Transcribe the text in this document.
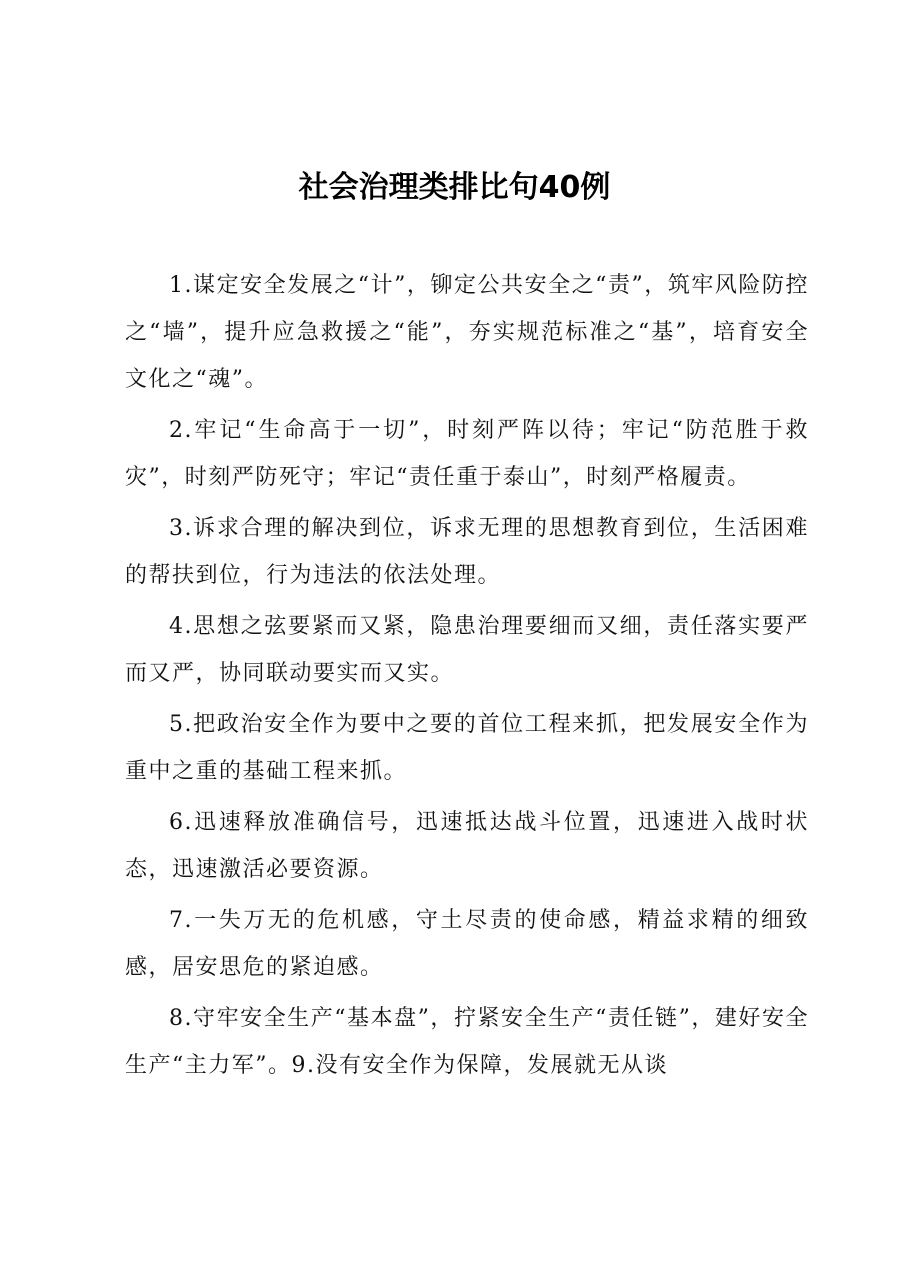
社会治理类排比句40例

1.谋定安全发展之“计”，铆定公共安全之“责”，筑牢风险防控之“墙”，提升应急救援之“能”，夯实规范标准之“基”，培育安全文化之“魂”。

2.牢记“生命高于一切”，时刻严阵以待；牢记“防范胜于救灾”，时刻严防死守；牢记“责任重于泰山”，时刻严格履责。

3.诉求合理的解决到位，诉求无理的思想教育到位，生活困难的帮扶到位，行为违法的依法处理。

4.思想之弦要紧而又紧，隐患治理要细而又细，责任落实要严而又严，协同联动要实而又实。

5.把政治安全作为要中之要的首位工程来抓，把发展安全作为重中之重的基础工程来抓。

6.迅速释放准确信号，迅速抵达战斗位置，迅速进入战时状态，迅速激活必要资源。

7.一失万无的危机感，守土尽责的使命感，精益求精的细致感，居安思危的紧迫感。

8.守牢安全生产“基本盘”，拧紧安全生产“责任链”，建好安全生产“主力军”。9.没有安全作为保障，发展就无从谈
